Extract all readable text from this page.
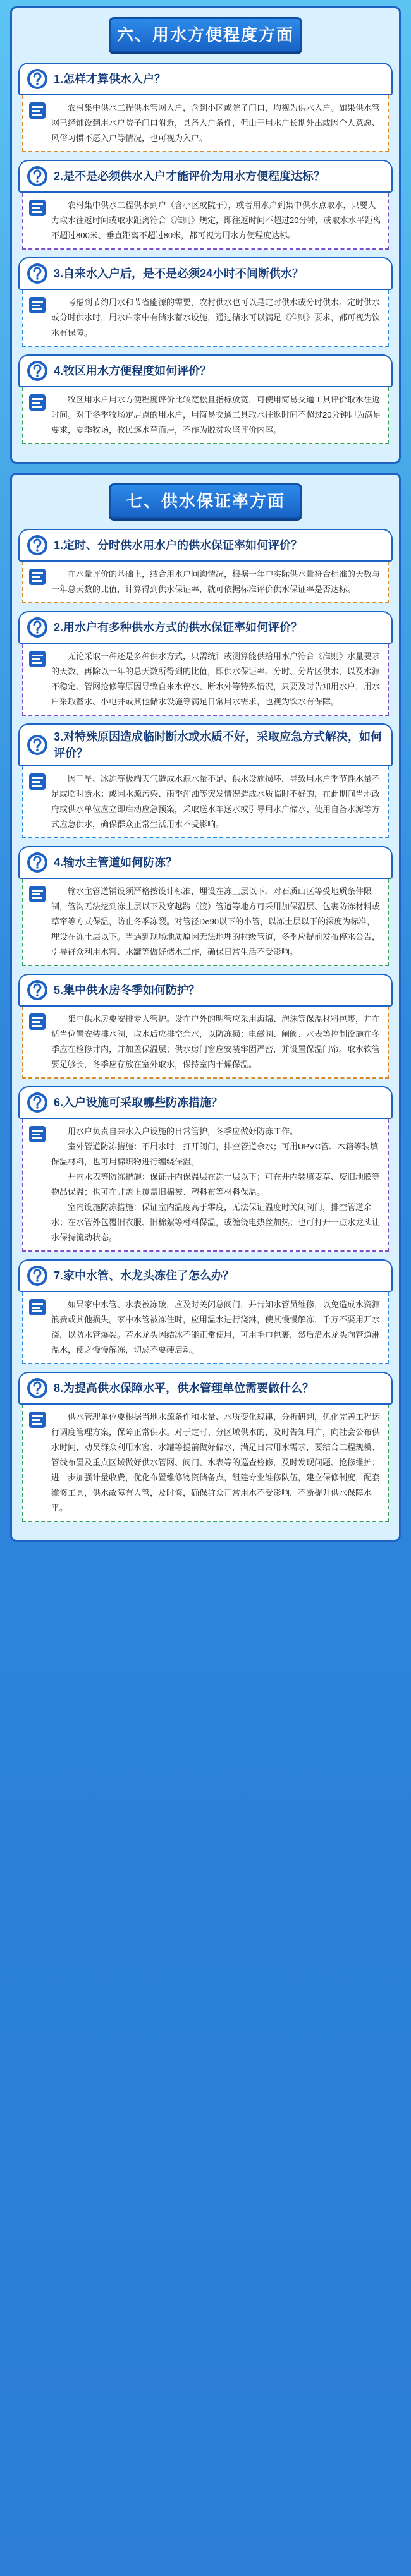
六、用水方便程度方面
1.怎样才算供水入户？

农村集中供水工程供水管网入户，含到小区或院子门口，均视为供水入户。如果供水管网已经铺设到用水户院子门口附近，具备入户条件，但由于用水户长期外出或因个人意愿、风俗习惯不愿入户等情况，也可视为入户。

2.是不是必须供水入户才能评价为用水方便程度达标？

农村集中供水工程供水到户（含小区或院子），或者用水户到集中供水点取水，只要人力取水往返时间或取水距离符合《准则》规定，即往返时间不超过20分钟，或取水水平距离不超过800米、垂直距离不超过80米，都可视为用水方便程度达标。

3.自来水入户后，是不是必须24小时不间断供水？

考虑到节约用水和节省能源的需要，农村供水也可以是定时供水或分时供水。定时供水或分时供水时，用水户家中有储水蓄水设施，通过储水可以满足《准则》要求，都可视为饮水有保障。

4.牧区用水方便程度如何评价？

牧区用水户用水方便程度评价比较宽松且指标放宽，可使用简易交通工具评价取水往返时间。对于冬季牧场定居点的用水户，用简易交通工具取水往返时间不超过20分钟即为满足要求，夏季牧场，牧民逐水草而居，不作为脱贫攻坚评价内容。

七、供水保证率方面
1.定时、分时供水用水户的供水保证率如何评价？

在水量评价的基础上，结合用水户问询情况，根据一年中实际供水量符合标准的天数与一年总天数的比值，计算得到供水保证率，就可依据标准评价供水保证率是否达标。

2.用水户有多种供水方式的供水保证率如何评价？

无论采取一种还是多种供水方式，只需统计或测算能供给用水户符合《准则》水量要求的天数，再除以一年的总天数所得到的比值，即供水保证率。分时、分片区供水，以及水源不稳定、管网抢修等原因导致自来水停水、断水外等特殊情况，只要及时告知用水户，用水户采取蓄水、小电井或其他储水设施等满足日常用水需求，也视为饮水有保障。

3.对特殊原因造成临时断水或水质不好，采取应急方式解决，如何评价？

因干旱、冰冻等极端天气造成水源水量不足、供水设施损坏，导致用水户季节性水量不足或临时断水；或因水源污染、雨季浑浊等突发情况造成水质临时不好的，在此期间当地政府或供水单位应立即启动应急预案，采取送水车送水或引导用水户储水、使用自备水源等方式应急供水，确保群众正常生活用水不受影响。

4.输水主管道如何防冻？

输水主管道铺设须严格按设计标准，埋设在冻土层以下。对石质山区等受地质条件限制，管沟无法挖到冻土层以下及穿越跨（渡）管道等地方可采用加保温层、包裹防冻材料或草帘等方式保温，防止冬季冻裂。对管径De90以下的小管，以冻土层以下的深度为标准，埋设在冻土层以下。当遇到现场地质原因无法地埋的村级管道，冬季应提前发布停水公告，引导群众利用水窖、水罐等做好储水工作，确保日常生活不受影响。

5.集中供水房冬季如何防护？

集中供水房要安排专人管护。设在户外的明管应采用海绵、泡沫等保温材料包裹，并在适当位置安装排水阀，取水后应排空余水，以防冻损；电磁阀、闸阀、水表等控制设施在冬季应在检修井内，并加盖保温层；供水房门窗应安装牢固严密，并设置保温门帘。取水软管要足够长，冬季应存放在室外取水，保持室内干燥保温。

6.入户设施可采取哪些防冻措施？

用水户负责自来水入户设施的日常管护，冬季应做好防冻工作。

室外管道防冻措施：不用水时，打开阀门，排空管道余水；可用UPVC管、木箱等装填保温材料，也可用棉织物进行缠绕保温。

井内水表等防冻措施：保证井内保温层在冻土层以下；可在井内装填麦草、废旧地膜等物品保温；也可在井盖上覆盖旧棉被、塑料布等材料保温。

室内设施防冻措施：保证室内温度高于零度，无法保证温度时关闭阀门，排空管道余水；在水管外包覆旧衣服、旧棉絮等材料保温，或缠绕电热丝加热；也可打开一点水龙头让水保持流动状态。

7.家中水管、水龙头冻住了怎么办？

如果家中水管、水表被冻破，应及时关闭总阀门，并告知水管员维修，以免造成水资源浪费或其他损失。家中水管被冻住时，应用温水进行浇淋，使其慢慢解冻，千万不要用开水浇，以防水管爆裂。若水龙头因结冰不能正常使用，可用毛巾包裹，然后沿水龙头向管道淋温水，使之慢慢解冻，切忌不要硬启动。

8.为提高供水保障水平，供水管理单位需要做什么？

供水管理单位要根据当地水源条件和水量、水质变化规律，分析研判，优化完善工程运行调度管理方案，保障正常供水。对于定时、分区域供水的，及时告知用户，向社会公布供水时间，动员群众利用水窖、水罐等提前做好储水，满足日常用水需求，要结合工程规模、管线布置及重点区域做好供水管网、阀门、水表等的巡查检修，及时发现问题、抢修维护；进一步加强计量收费，优化布置维修物资储备点，组建专业维修队伍，建立保修制度，配套维修工具，供水故障有人管，及时修，确保群众正常用水不受影响，不断提升供水保障水平。
